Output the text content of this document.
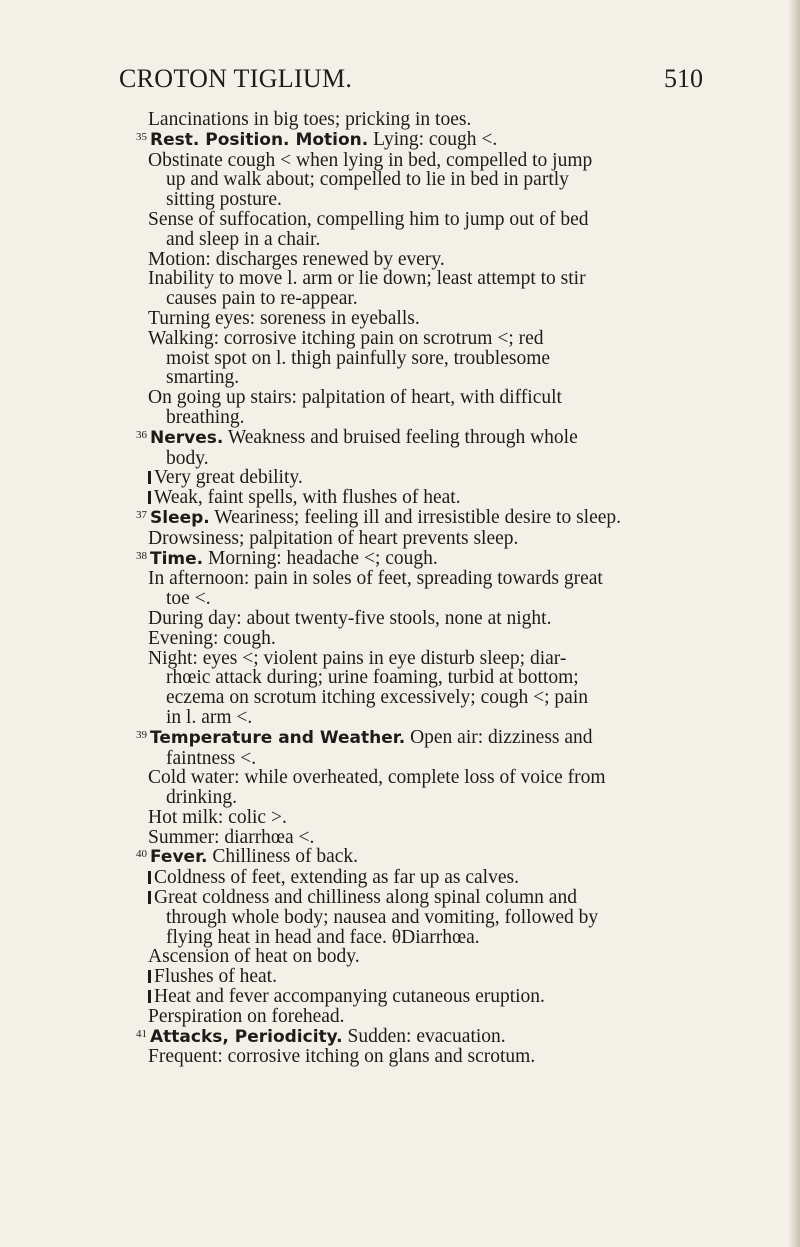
CROTON TIGLIUM.	510
Lancinations in big toes; pricking in toes.
$^{35}$ Rest. Position. Motion. Lying: cough <.
Obstinate cough < when lying in bed, compelled to jump
up and walk about; compelled to lie in bed in partly
sitting posture.
Sense of suffocation, compelling him to jump out of bed
and sleep in a chair.
Motion: discharges renewed by every.
Inability to move l. arm or lie down; least attempt to stir
causes pain to re-appear.
Turning eyes: soreness in eyeballs.
Walking: corrosive itching pain on scrotrum <; red
moist spot on l. thigh painfully sore, troublesome
smarting.
On going up stairs: palpitation of heart, with difficult
breathing.
$^{36}$ Nerves. Weakness and bruised feeling through whole
body.
Very great debility.
Weak, faint spells, with flushes of heat.
$^{37}$ Sleep. Weariness; feeling ill and irresistible desire to sleep.
Drowsiness; palpitation of heart prevents sleep.
$^{38}$ Time. Morning: headache <; cough.
In afternoon: pain in soles of feet, spreading towards great
toe <.
During day: about twenty-five stools, none at night.
Evening: cough.
Night: eyes <; violent pains in eye disturb sleep; diar-
rhœic attack during; urine foaming, turbid at bottom;
eczema on scrotum itching excessively; cough <; pain
in l. arm <.
$^{39}$ Temperature and Weather. Open air: dizziness and
faintness <.
Cold water: while overheated, complete loss of voice from
drinking.
Hot milk: colic >.
Summer: diarrhœa <.
$^{40}$ Fever. Chilliness of back.
Coldness of feet, extending as far up as calves.
Great coldness and chilliness along spinal column and
through whole body; nausea and vomiting, followed by
flying heat in head and face. θDiarrhœa.
Ascension of heat on body.
Flushes of heat.
Heat and fever accompanying cutaneous eruption.
Perspiration on forehead.
$^{41}$ Attacks, Periodicity. Sudden: evacuation.
Frequent: corrosive itching on glans and scrotum.
